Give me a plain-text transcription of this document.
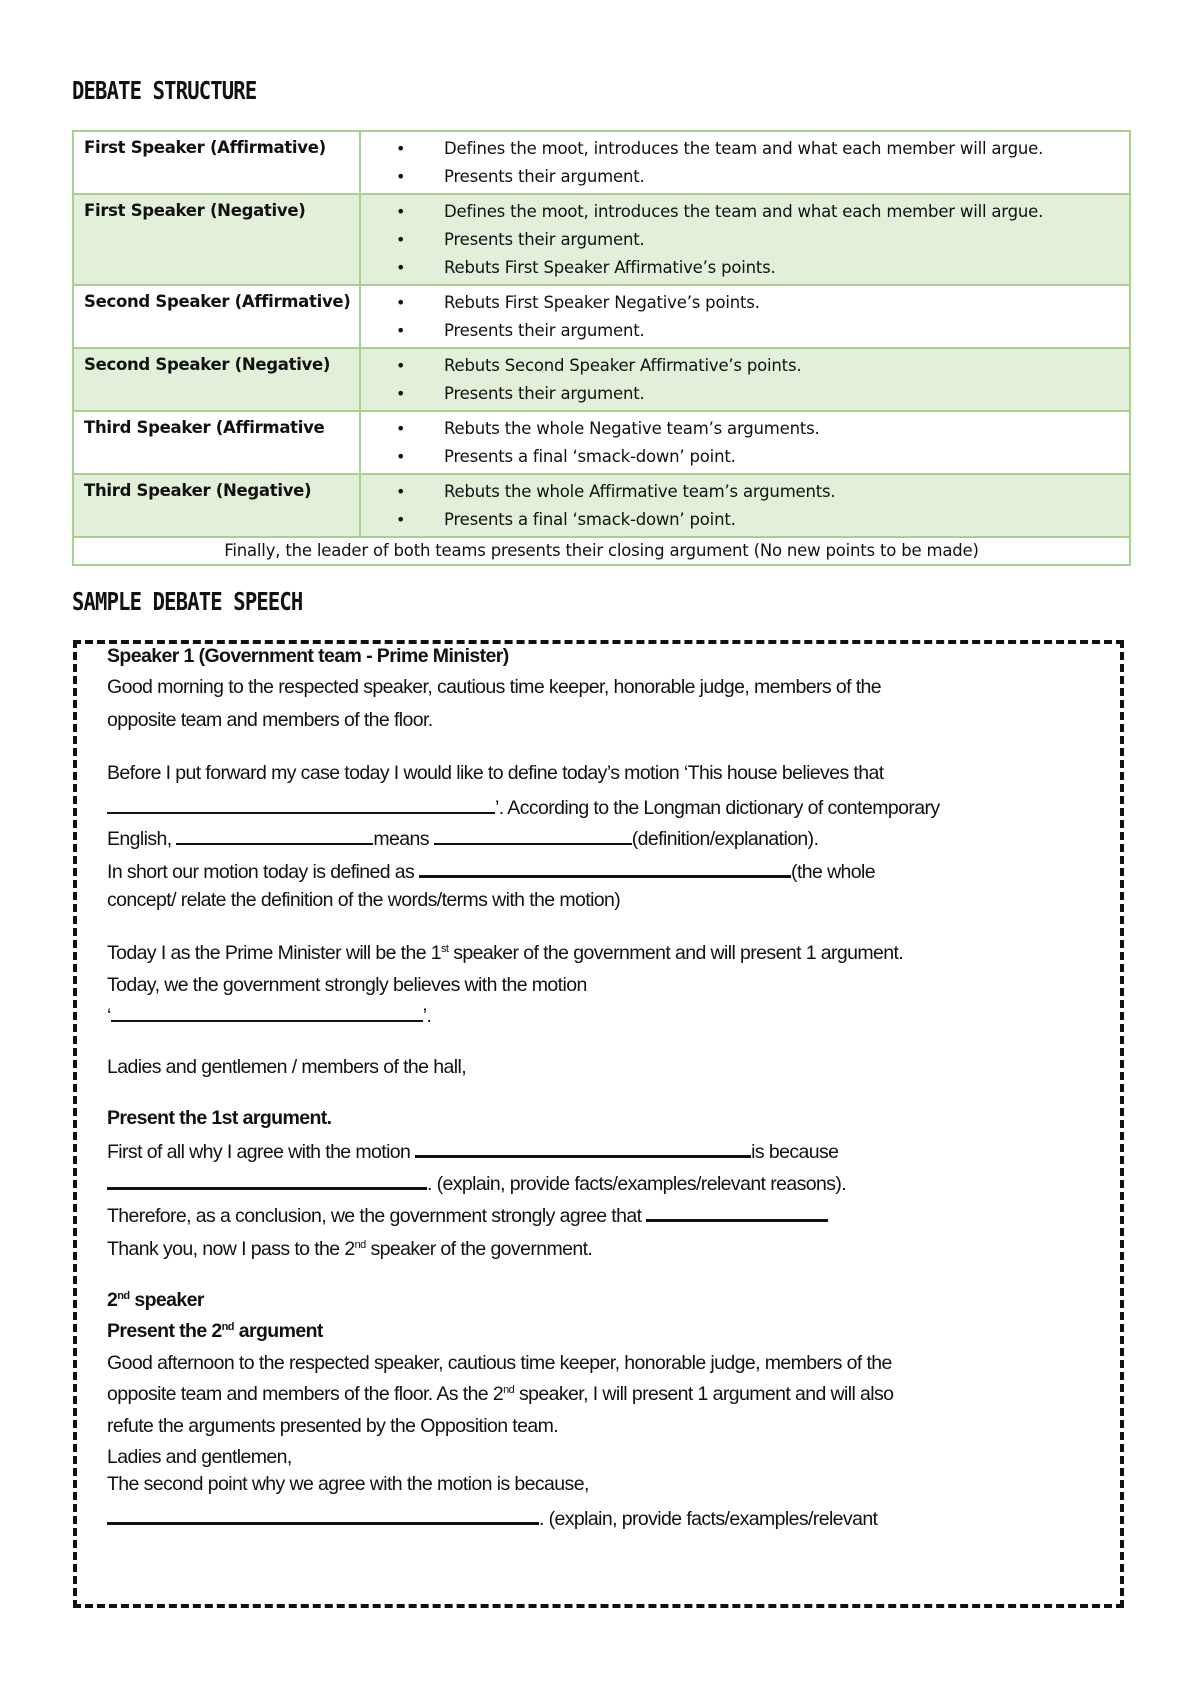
DEBATE STRUCTURE
First Speaker (Affirmative)	• Defines the moot, introduces the team and what each member will argue.
• Presents their argument.

First Speaker (Negative)	• Defines the moot, introduces the team and what each member will argue.
• Presents their argument.
• Rebuts First Speaker Affirmative’s points.

Second Speaker (Affirmative)	• Rebuts First Speaker Negative’s points.
• Presents their argument.

Second Speaker (Negative)	• Rebuts Second Speaker Affirmative’s points.
• Presents their argument.

Third Speaker (Affirmative	• Rebuts the whole Negative team’s arguments.
• Presents a final ‘smack-down’ point.

Third Speaker (Negative)	• Rebuts the whole Affirmative team’s arguments.
• Presents a final ‘smack-down’ point.

Finally, the leader of both teams presents their closing argument (No new points to be made)	
SAMPLE DEBATE SPEECH
Speaker 1 (Government team - Prime Minister)
Good morning to the respected speaker, cautious time keeper, honorable judge, members of the
opposite team and members of the floor.
Before I put forward my case today I would like to define today’s motion ‘This house believes that
’. According to the Longman dictionary of contemporary
English,	means	(definition/explanation).
In short our motion today is defined as	(the whole
concept/ relate the definition of the words/terms with the motion)
Today I as the Prime Minister will be the 1st speaker of the government and will present 1 argument.
Today, we the government strongly believes with the motion
‘	’.
Ladies and gentlemen / members of the hall,
Present the 1st argument.
First of all why I agree with the motion	is because
. (explain, provide facts/examples/relevant reasons).
Therefore, as a conclusion, we the government strongly agree that
Thank you, now I pass to the 2nd speaker of the government.
2nd speaker
Present the 2nd argument
Good afternoon to the respected speaker, cautious time keeper, honorable judge, members of the
opposite team and members of the floor. As the 2nd speaker, I will present 1 argument and will also
refute the arguments presented by the Opposition team.
Ladies and gentlemen,
The second point why we agree with the motion is because,
. (explain, provide facts/examples/relevant
